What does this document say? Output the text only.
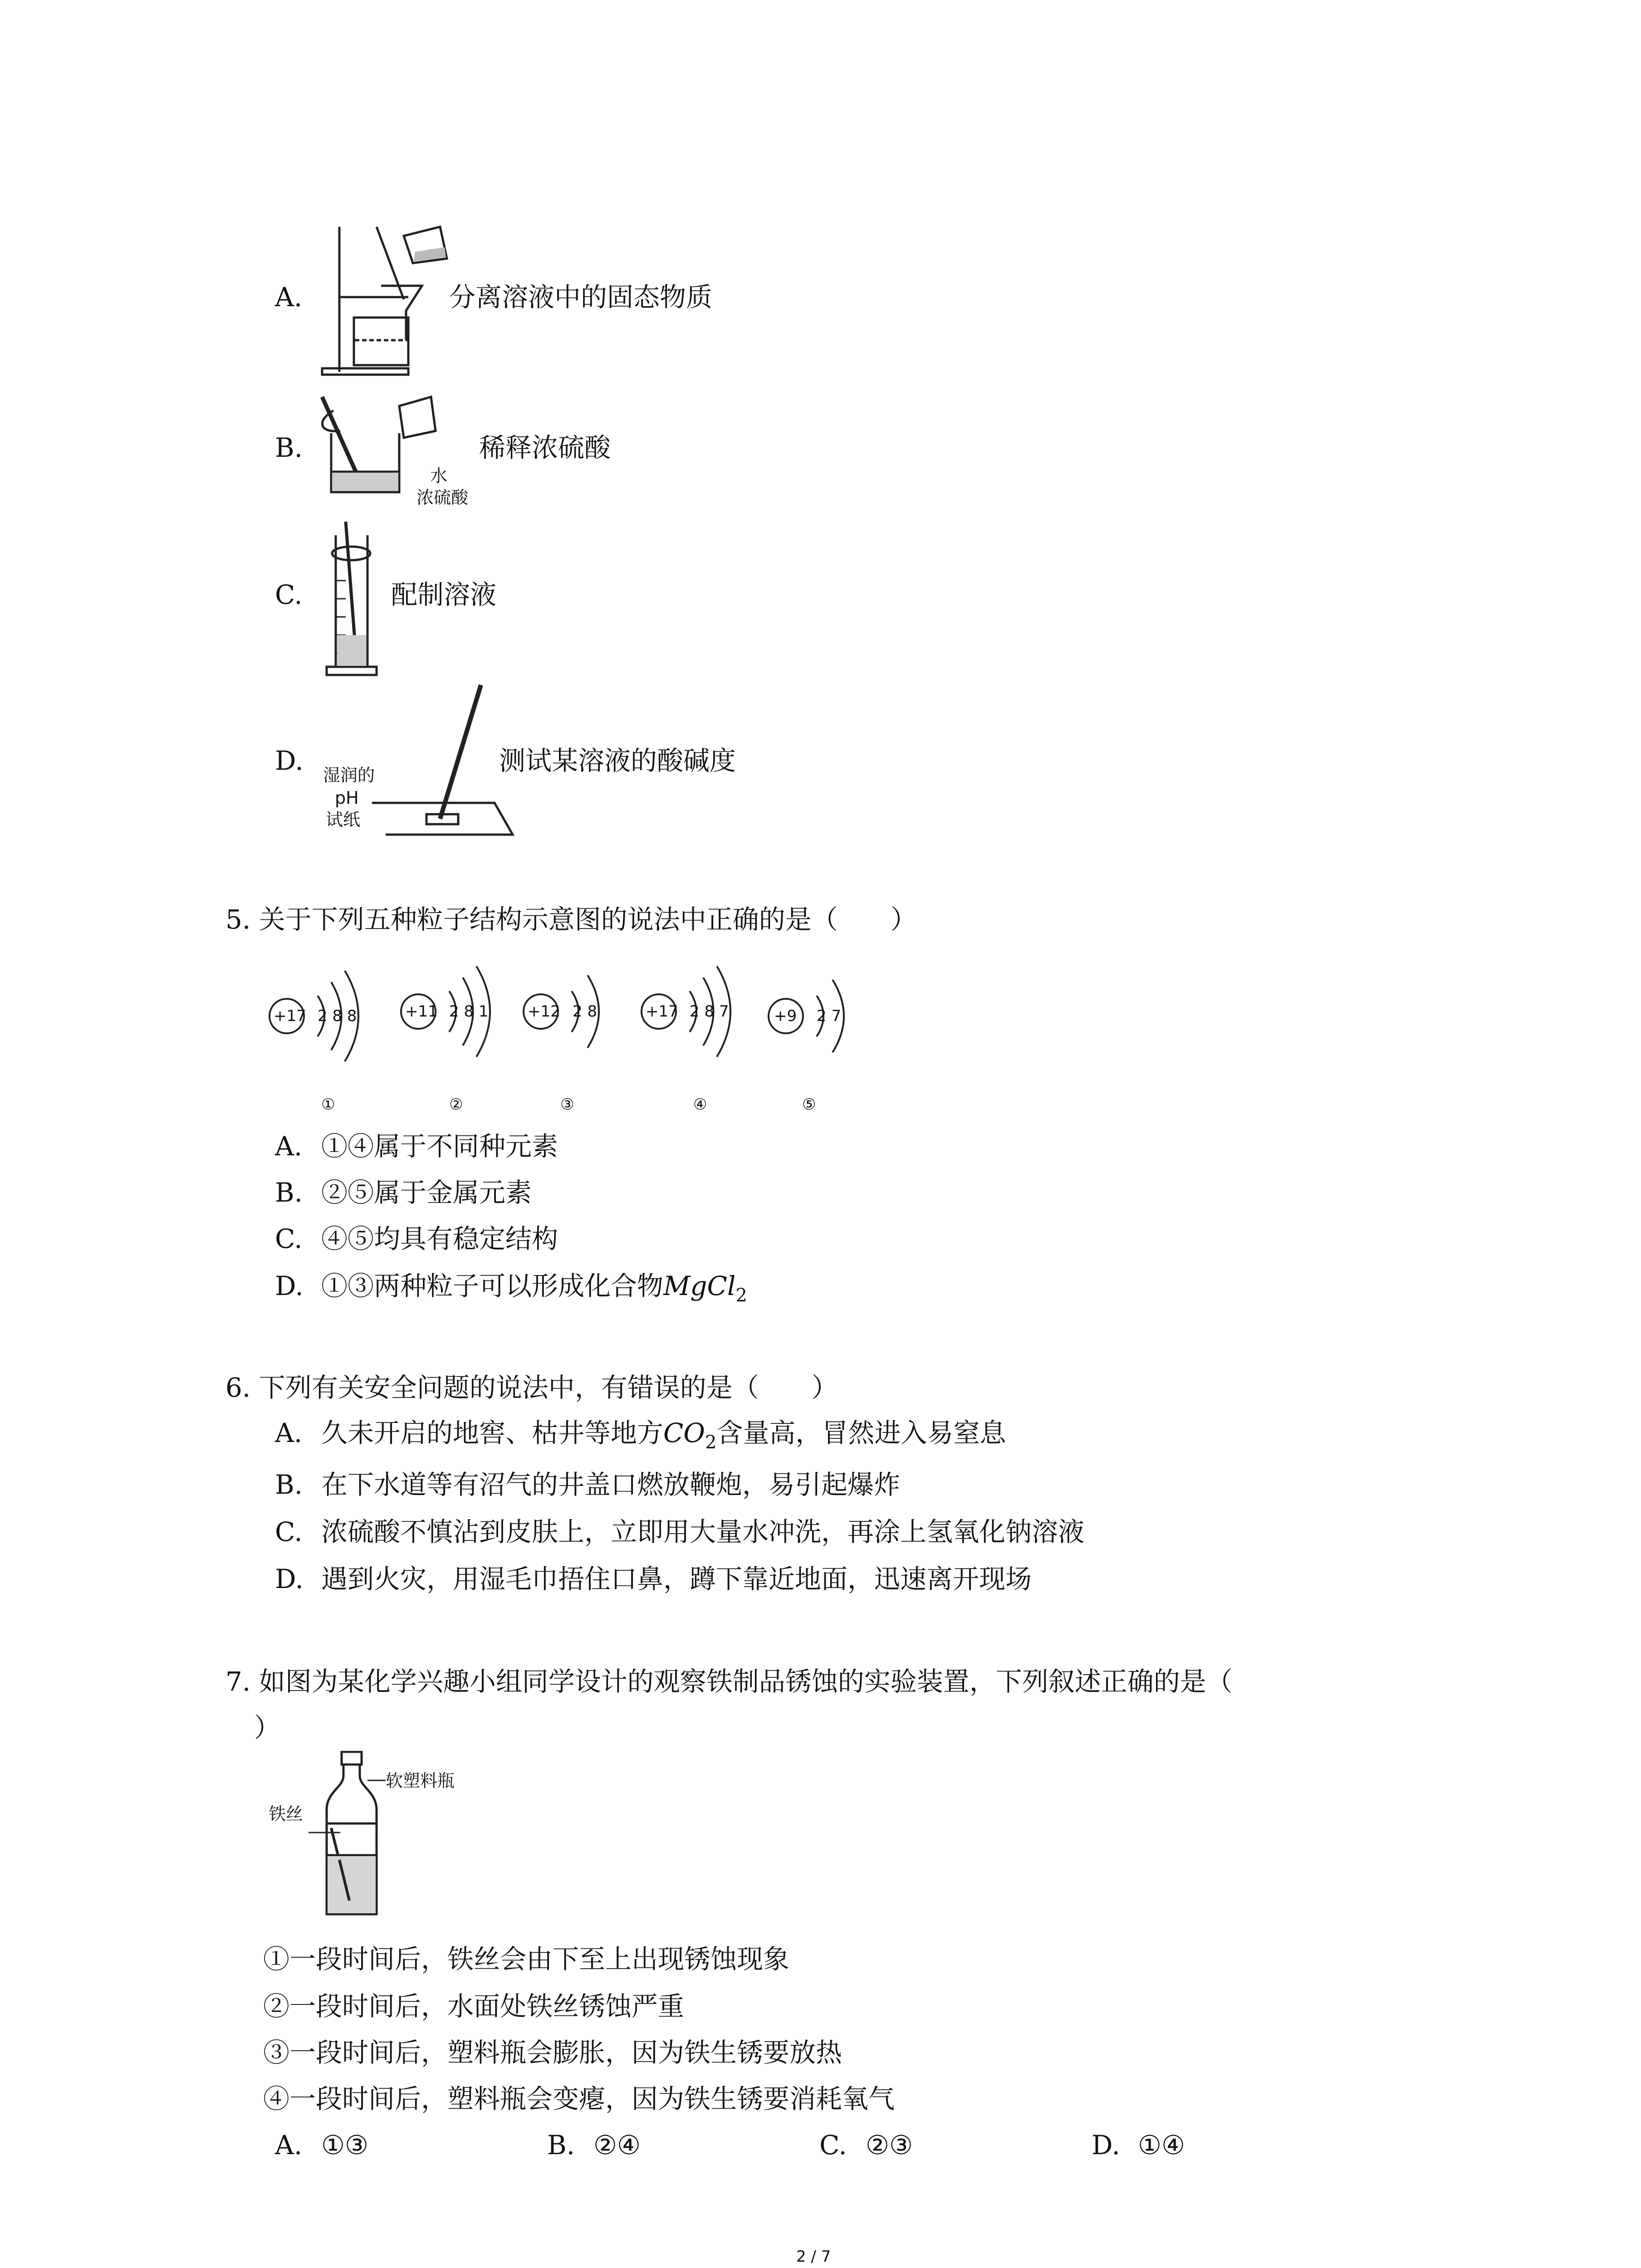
A.	分离溶液中的固态物质
B.
水
浓硫酸
稀释浓硫酸
C.	配制溶液
D. 湿润的
pH
试纸
测试某溶液的酸碱度
5. 关于下列五种粒子结构示意图的说法中正确的是（　　）
+17 2 8 8
①
+11 2 8 1
②
+12 2 8
③
+17 2 8 7
④
+9 2 7
⑤
A. ①④属于不同种元素
B. ②⑤属于金属元素
C. ④⑤均具有稳定结构
D. ①③两种粒子可以形成化合物MgCl$_2$
6. 下列有关安全问题的说法中，有错误的是（　　）
A. 久未开启的地窖、枯井等地方$CO_2$含量高，冒然进入易窒息
B. 在下水道等有沼气的井盖口燃放鞭炮，易引起爆炸
C. 浓硫酸不慎沾到皮肤上，立即用大量水冲洗，再涂上氢氧化钠溶液
D. 遇到火灾，用湿毛巾捂住口鼻，蹲下靠近地面，迅速离开现场
7. 如图为某化学兴趣小组同学设计的观察铁制品锈蚀的实验装置，下列叙述正确的是（
）
软塑料瓶
铁丝
①一段时间后，铁丝会由下至上出现锈蚀现象
②一段时间后，水面处铁丝锈蚀严重
③一段时间后，塑料瓶会膨胀，因为铁生锈要放热
④一段时间后，塑料瓶会变瘪，因为铁生锈要消耗氧气
A. ①③	B. ②④	C. ②③	D. ①④
2 / 7
